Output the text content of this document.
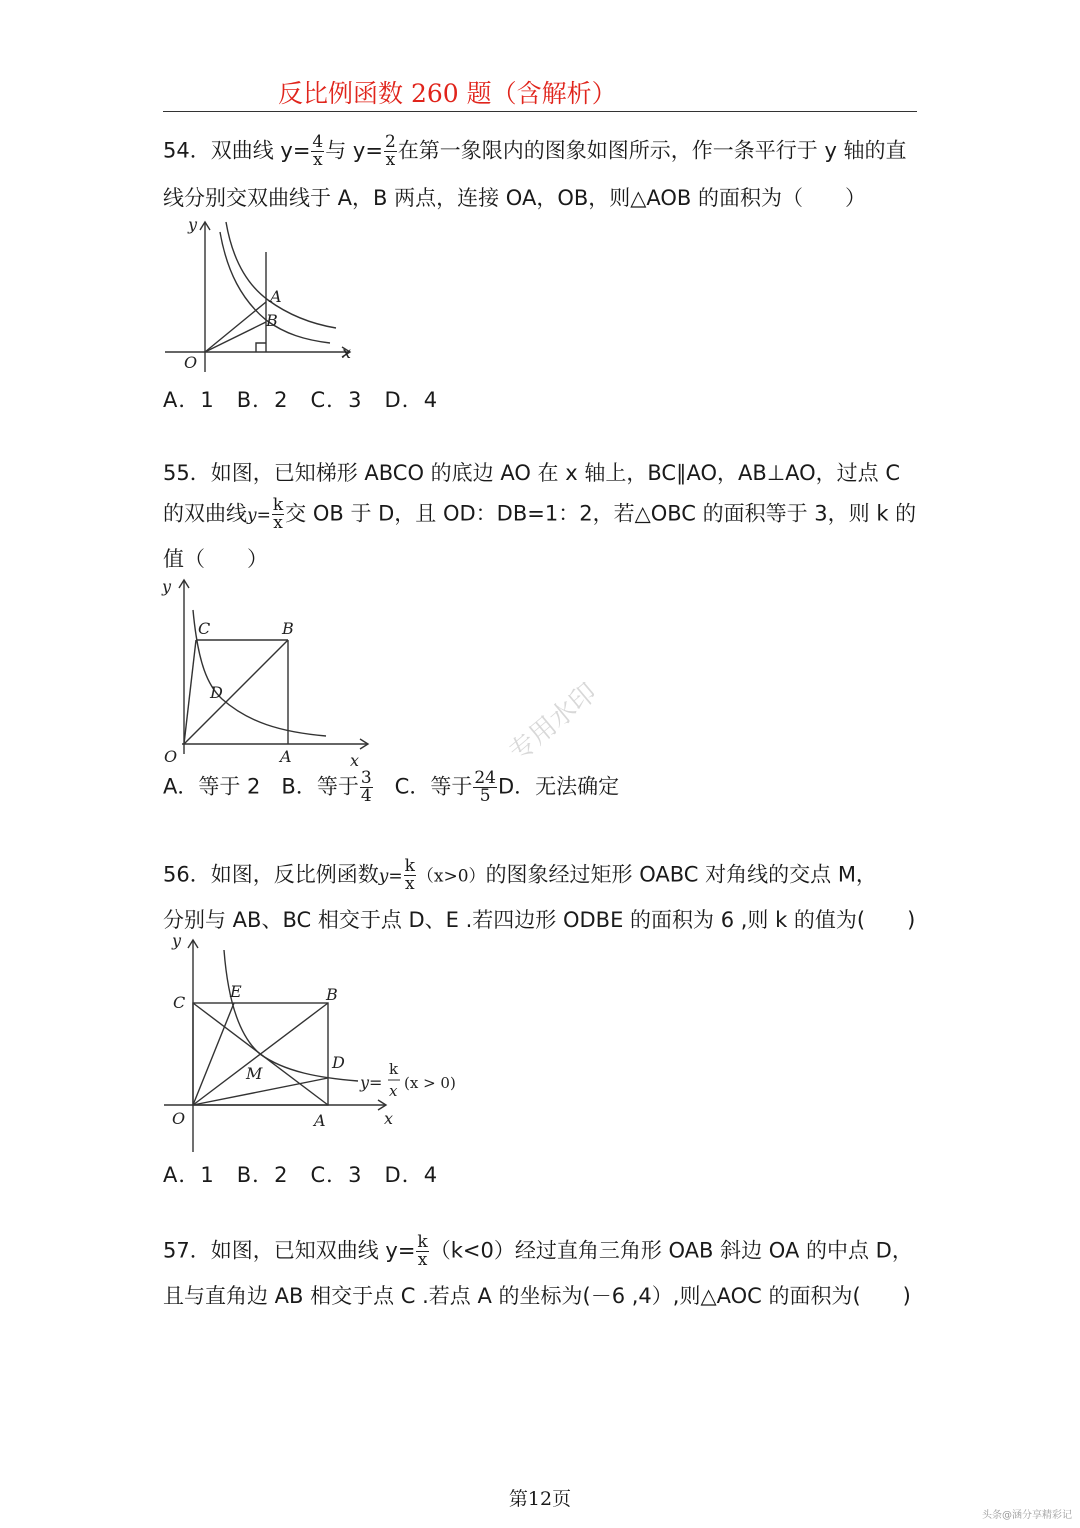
反比例函数 260 题（含解析）
54．双曲线 $y= \frac{4}{x}$ 与 $y= \frac{2}{x}$ 在第一象限内的图象如图所示，作一条平行于 y 轴的直
线分别交双曲线于 A，B 两点，连接 OA，OB，则△AOB 的面积为（　　）
y
x
O
A
B
A．1　B．2　C．3　D．4
55．如图，已知梯形 ABCO 的底边 AO 在 x 轴上，BC∥AO，AB⊥AO，过点 C
的双曲线$y= \frac{k}{x}$ 交 OB 于 D，且 OD：DB=1：2，若△OBC 的面积等于 3，则 k 的
值（　　）
y
x
O	A
B
C
D
A．等于 2　 B．等于 $\frac{3}{4}$
　 C．等于 $\frac{24}{5}$ D．无法确定
专用水印
56．如图，反比例函数$y= \frac{k}{x} (x>0)$的图象经过矩形 OABC 对角线的交点 M，
分别与 AB、BC 相交于点 D、E .若四边形 ODBE 的面积为 6 ,则 k 的值为(　　)
y
x
O	A
B
C
D
E
M	y=
k
x (x > 0)
A．1　B．2　C．3　D．4
57．如图，已知双曲线 $y= \frac{k}{x} (k<0)$经过直角三角形 OAB 斜边 OA 的中点 D，
且与直角边 AB 相交于点 C .若点 A 的坐标为(－6 ,4）,则△AOC 的面积为(　　)
第12页
头条@涵分享精彩记
